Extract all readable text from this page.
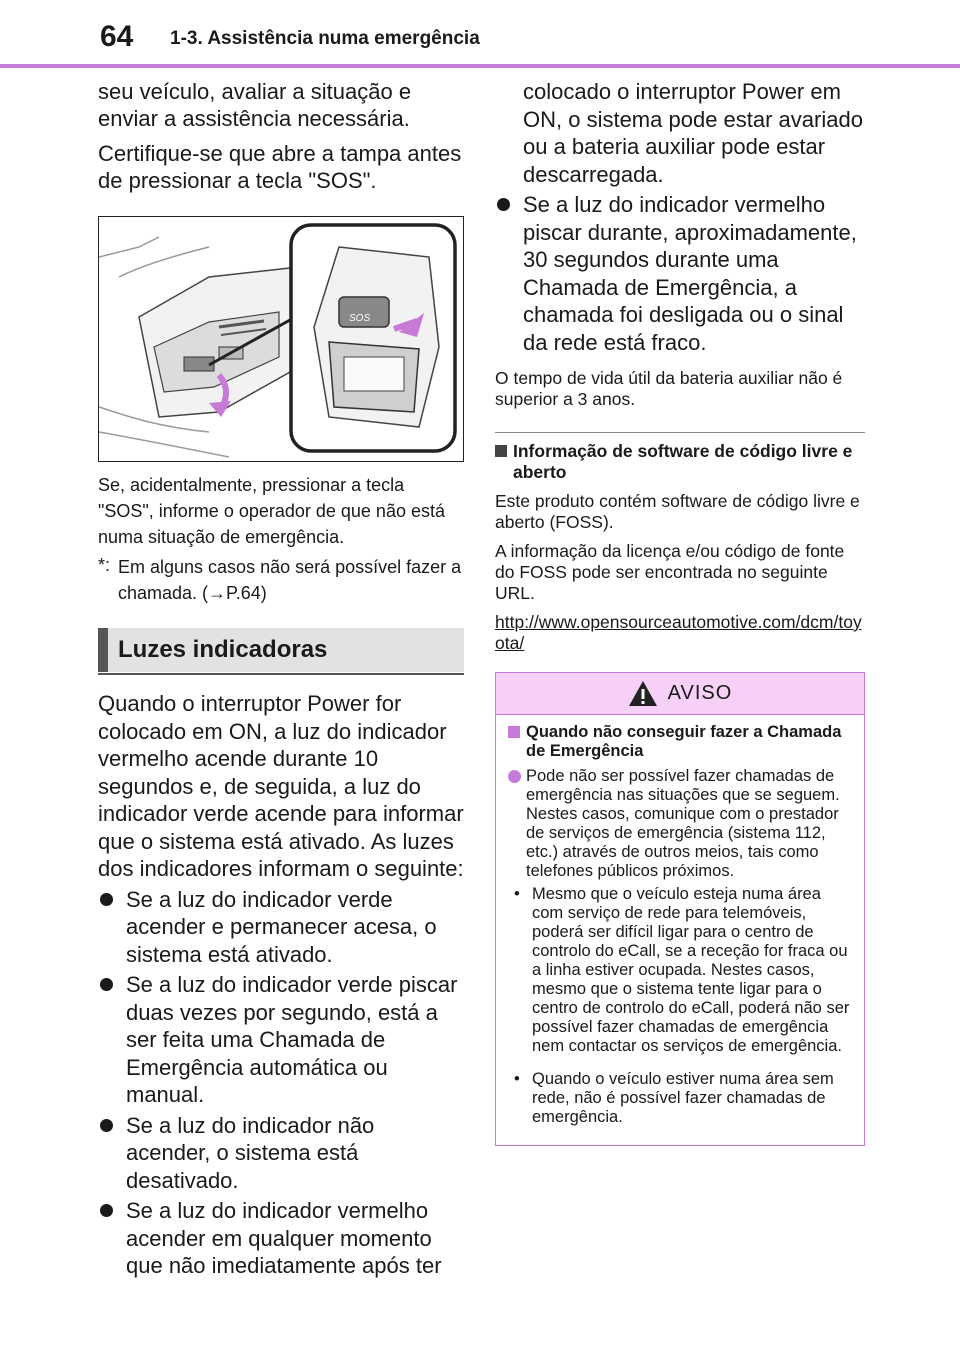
64 1-3. Assistência numa emergência

seu veículo, avaliar a situação e enviar a assistência necessária.

Certifique-se que abre a tampa antes de pressionar a tecla "SOS".

SOS

Se, acidentalmente, pressionar a tecla "SOS", informe o operador de que não está numa situação de emergência.

*: Em alguns casos não será possível fazer a chamada. (→P.64)

Luzes indicadoras

Quando o interruptor Power for colocado em ON, a luz do indicador vermelho acende durante 10 segundos e, de seguida, a luz do indicador verde acende para informar que o sistema está ativado. As luzes dos indicadores informam o seguinte:

Se a luz do indicador verde acender e permanecer acesa, o sistema está ativado.
Se a luz do indicador verde piscar duas vezes por segundo, está a ser feita uma Chamada de Emergência automática ou manual.
Se a luz do indicador não acender, o sistema está desativado.
Se a luz do indicador vermelho acender em qualquer momento que não imediatamente após ter

colocado o interruptor Power em ON, o sistema pode estar avariado ou a bateria auxiliar pode estar descarregada.

Se a luz do indicador vermelho piscar durante, aproximadamente, 30 segundos durante uma Chamada de Emergência, a chamada foi desligada ou o sinal da rede está fraco.

O tempo de vida útil da bateria auxiliar não é superior a 3 anos.

Informação de software de código livre e aberto

Este produto contém software de código livre e aberto (FOSS).

A informação da licença e/ou código de fonte do FOSS pode ser encontrada no seguinte URL.

http://www.opensourceautomotive.com/dcm/toyota/
AVISO
Quando não conseguir fazer a Chamada de Emergência
Pode não ser possível fazer chamadas de emergência nas situações que se seguem. Nestes casos, comunique com o prestador de serviços de emergência (sistema 112, etc.) através de outros meios, tais como telefones públicos próximos.
• Mesmo que o veículo esteja numa área com serviço de rede para telemóveis, poderá ser difícil ligar para o centro de controlo do eCall, se a receção for fraca ou a linha estiver ocupada. Nestes casos, mesmo que o sistema tente ligar para o centro de controlo do eCall, poderá não ser possível fazer chamadas de emergência nem contactar os serviços de emergência.
• Quando o veículo estiver numa área sem rede, não é possível fazer chamadas de emergência.
